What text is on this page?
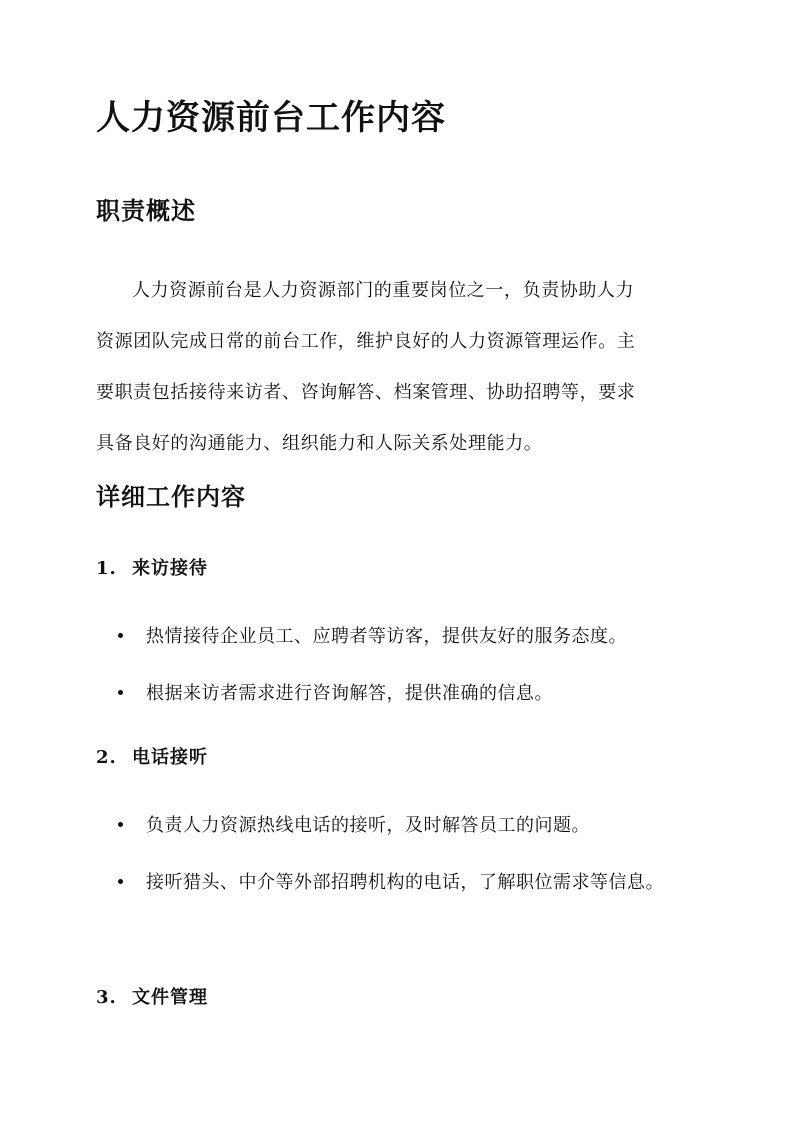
人力资源前台工作内容
职责概述

人力资源前台是人力资源部门的重要岗位之一，负责协助人力
资源团队完成日常的前台工作，维护良好的人力资源管理运作。主
要职责包括接待来访者、咨询解答、档案管理、协助招聘等，要求
具备良好的沟通能力、组织能力和人际关系处理能力。

详细工作内容
1. 来访接待
热情接待企业员工、应聘者等访客，提供友好的服务态度。
根据来访者需求进行咨询解答，提供准确的信息。
2. 电话接听
负责人力资源热线电话的接听，及时解答员工的问题。
接听猎头、中介等外部招聘机构的电话，了解职位需求等信息。
3. 文件管理
